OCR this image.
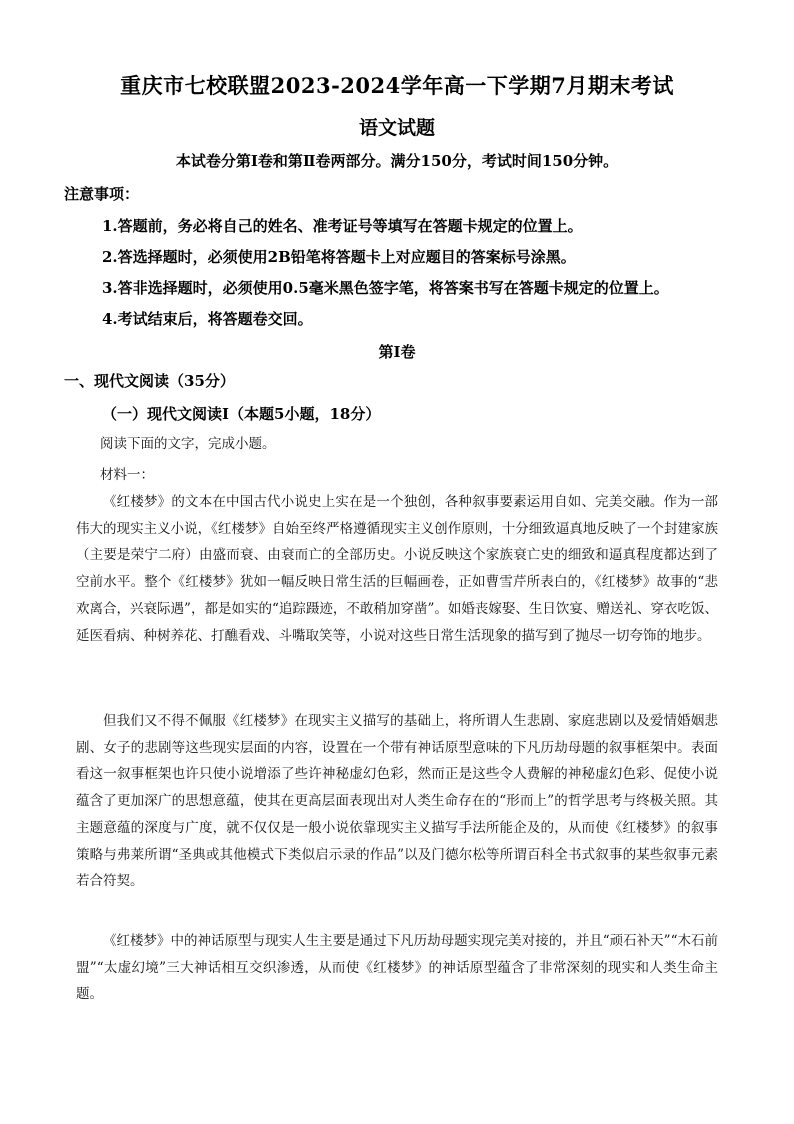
重庆市七校联盟2023-2024学年高一下学期7月期末考试
语文试题
本试卷分第Ⅰ卷和第Ⅱ卷两部分。满分150分，考试时间150分钟。
注意事项：
1.答题前，务必将自己的姓名、准考证号等填写在答题卡规定的位置上。
2.答选择题时，必须使用2B铅笔将答题卡上对应题目的答案标号涂黑。
3.答非选择题时，必须使用0.5毫米黑色签字笔，将答案书写在答题卡规定的位置上。
4.考试结束后，将答题卷交回。
第Ⅰ卷
一、现代文阅读（35分）
（一）现代文阅读Ⅰ（本题5小题，18分）
阅读下面的文字，完成小题。
材料一：

《红楼梦》的文本在中国古代小说史上实在是一个独创，各种叙事要素运用自如、完美交融。作为一部伟大的现实主义小说，《红楼梦》自始至终严格遵循现实主义创作原则，十分细致逼真地反映了一个封建家族（主要是荣宁二府）由盛而衰、由衰而亡的全部历史。小说反映这个家族衰亡史的细致和逼真程度都达到了空前水平。整个《红楼梦》犹如一幅反映日常生活的巨幅画卷，正如曹雪芹所表白的，《红楼梦》故事的“悲欢离合，兴衰际遇”，都是如实的“追踪蹑迹，不敢稍加穿凿”。如婚丧嫁娶、生日饮宴、赠送礼、穿衣吃饭、延医看病、种树养花、打醮看戏、斗嘴取笑等，小说对这些日常生活现象的描写到了抛尽一切夸饰的地步。

但我们又不得不佩服《红楼梦》在现实主义描写的基础上，将所谓人生悲剧、家庭悲剧以及爱情婚姻悲剧、女子的悲剧等这些现实层面的内容，设置在一个带有神话原型意味的下凡历劫母题的叙事框架中。表面看这一叙事框架也许只使小说增添了些许神秘虚幻色彩，然而正是这些令人费解的神秘虚幻色彩、促使小说蕴含了更加深广的思想意蕴，使其在更高层面表现出对人类生命存在的“形而上”的哲学思考与终极关照。其主题意蕴的深度与广度，就不仅仅是一般小说依靠现实主义描写手法所能企及的，从而使《红楼梦》的叙事策略与弗莱所谓“圣典或其他模式下类似启示录的作品”以及门德尔松等所谓百科全书式叙事的某些叙事元素若合符契。

《红楼梦》中的神话原型与现实人生主要是通过下凡历劫母题实现完美对接的，并且“顽石补天”“木石前盟”“太虚幻境”三大神话相互交织渗透，从而使《红楼梦》的神话原型蕴含了非常深刻的现实和人类生命主题。
